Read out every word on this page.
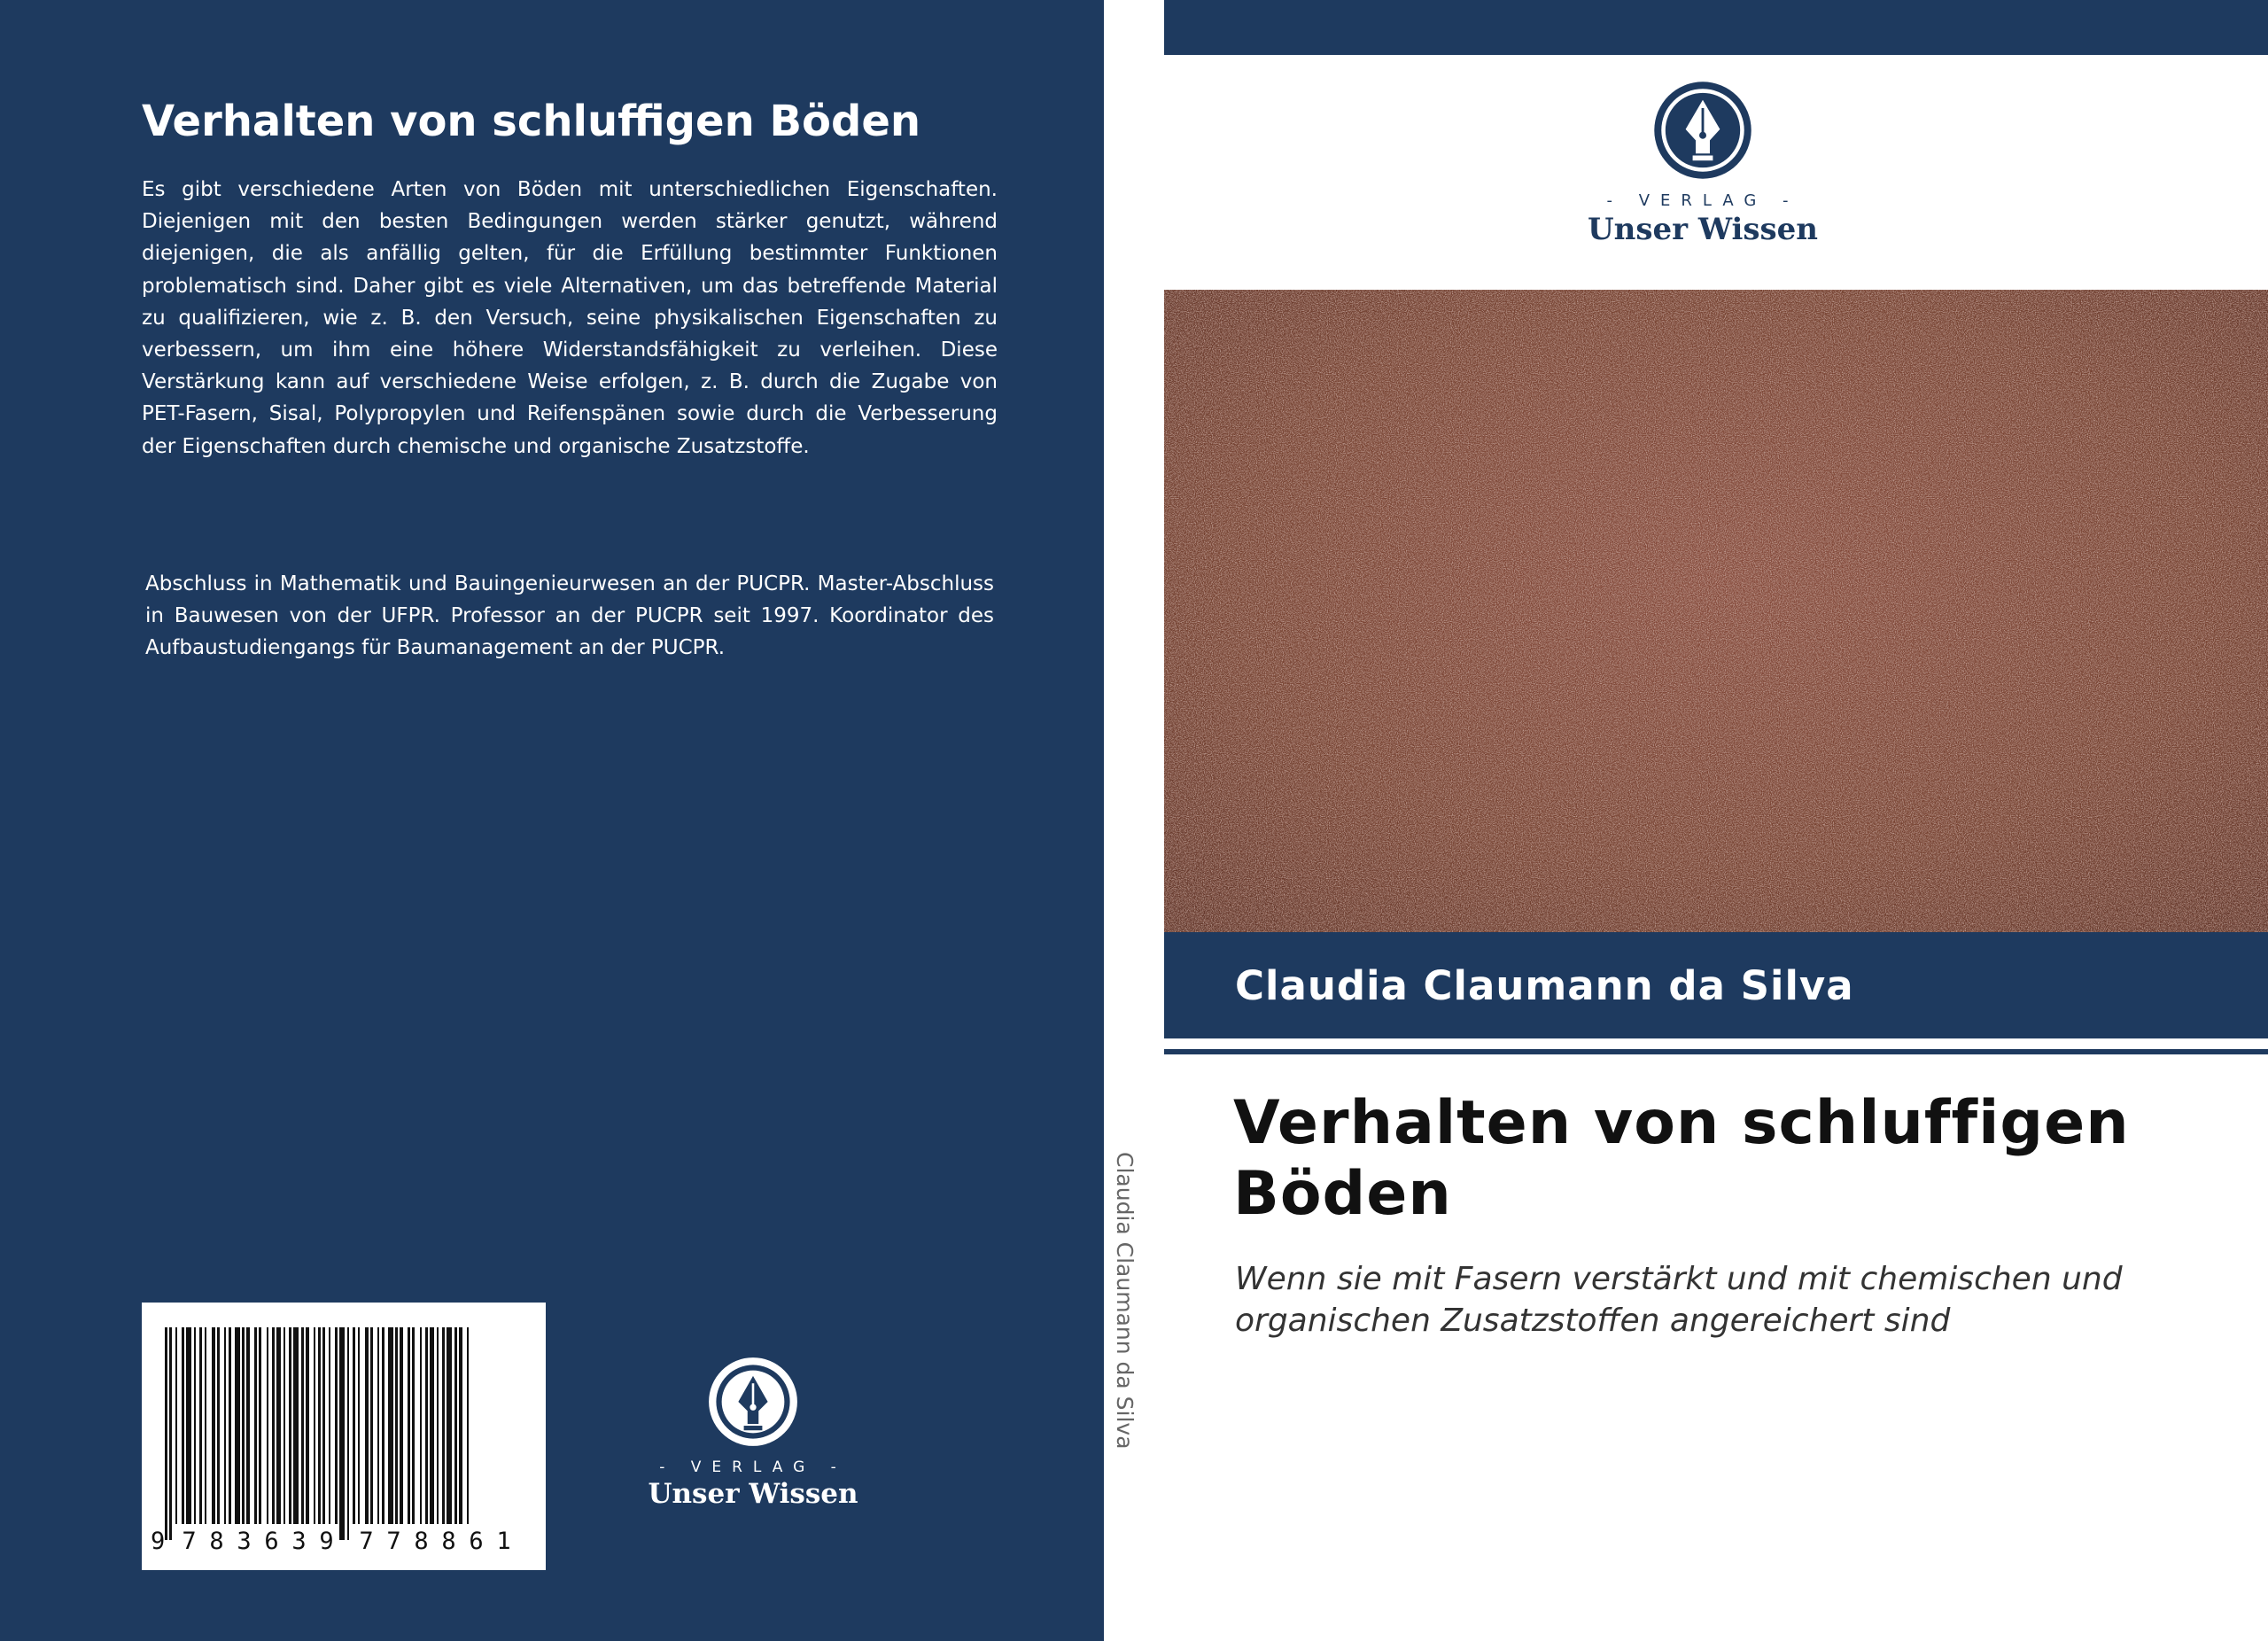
Verhalten von schluffigen Böden

Es gibt verschiedene Arten von Böden mit unterschiedlichen Eigenschaften. Diejenigen mit den besten Bedingungen werden stärker genutzt, während diejenigen, die als anfällig gelten, für die Erfüllung bestimmter Funktionen problematisch sind. Daher gibt es viele Alternativen, um das betreffende Material zu qualifizieren, wie z. B. den Versuch, seine physikalischen Eigenschaften zu verbessern, um ihm eine höhere Widerstandsfähigkeit zu verleihen. Diese Verstärkung kann auf verschiedene Weise erfolgen, z. B. durch die Zugabe von PET-Fasern, Sisal, Polypropylen und Reifenspänen sowie durch die Verbesserung der Eigenschaften durch chemische und organische Zusatzstoffe.

Abschluss in Mathematik und Bauingenieurwesen an der PUCPR. Master-Abschluss in Bauwesen von der UFPR. Professor an der PUCPR seit 1997. Koordinator des Aufbaustudiengangs für Baumanagement an der PUCPR.

9 7 8 3 6 3 9 7 7 8 8 6 1
- VERLAG -
Unser Wissen
Claudia Claumann da Silva
- VERLAG -
Unser Wissen

Claudia Claumann da Silva

Verhalten von schluffigen Böden

Wenn sie mit Fasern verstärkt und mit chemischen und organischen Zusatzstoffen angereichert sind
